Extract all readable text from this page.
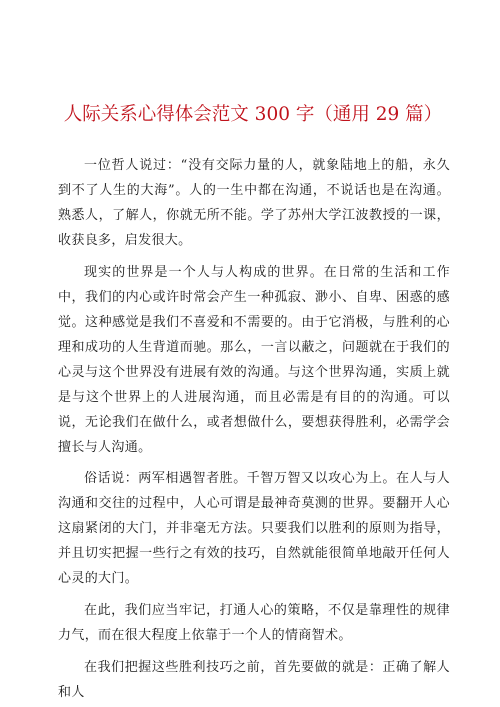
人际关系心得体会范文 300 字（通用 29 篇）

一位哲人说过：“没有交际力量的人，就象陆地上的船，永久到不了人生的大海”。人的一生中都在沟通，不说话也是在沟通。熟悉人，了解人，你就无所不能。学了苏州大学江波教授的一课，收获良多，启发很大。

现实的世界是一个人与人构成的世界。在日常的生活和工作中，我们的内心或许时常会产生一种孤寂、渺小、自卑、困惑的感觉。这种感觉是我们不喜爱和不需要的。由于它消极，与胜利的心理和成功的人生背道而驰。那么，一言以蔽之，问题就在于我们的心灵与这个世界没有进展有效的沟通。与这个世界沟通，实质上就是与这个世界上的人进展沟通，而且必需是有目的的沟通。可以说，无论我们在做什么，或者想做什么，要想获得胜利，必需学会擅长与人沟通。

俗话说：两军相遇智者胜。千智万智又以攻心为上。在人与人沟通和交往的过程中，人心可谓是最神奇莫测的世界。要翻开人心这扇紧闭的大门，并非毫无方法。只要我们以胜利的原则为指导，并且切实把握一些行之有效的技巧，自然就能很简单地敲开任何人心灵的大门。

在此，我们应当牢记，打通人心的策略，不仅是靠理性的规律力气，而在很大程度上依靠于一个人的情商智术。

在我们把握这些胜利技巧之前，首先要做的就是：正确了解人和人
